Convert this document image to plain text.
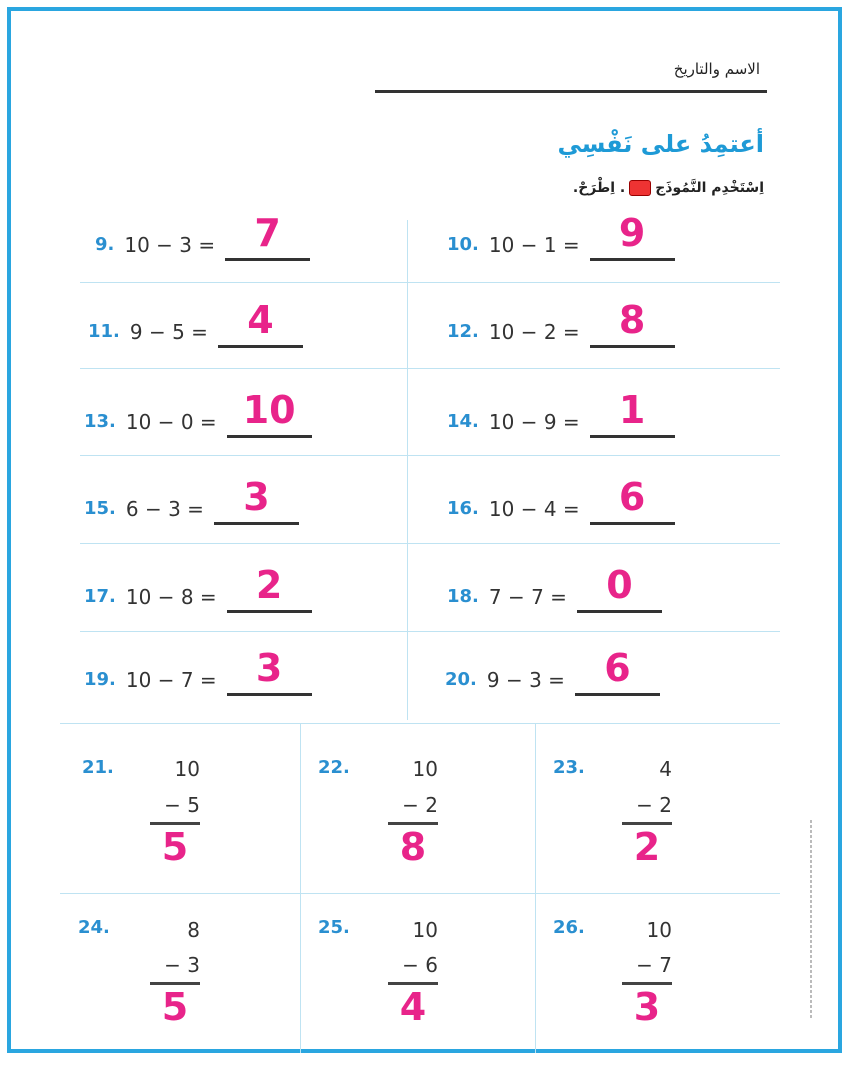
الاسم والتاريخ
أعتمِدُ على نَفْسِي
اِسْتَخْدِم النَّمُوذَج
. اِطْرَحْ.
9. 10 − 3 =	7	10. 10 − 1 =	9
11. 9 − 5 =	4	12. 10 − 2 =	8
13. 10 − 0 = 10	14. 10 − 9 =	1
15. 6 − 3 =	3	16. 10 − 4 =	6
17. 10 − 8 =	2	18. 7 − 7 =	0
19. 10 − 7 =	3	20. 9 − 3 =	6
21.	10
− 5
5
22.	10
− 2
8
23.	4
− 2
2
24.	8
− 3
5
25.	10
− 6
4
26.	10
− 7
3
